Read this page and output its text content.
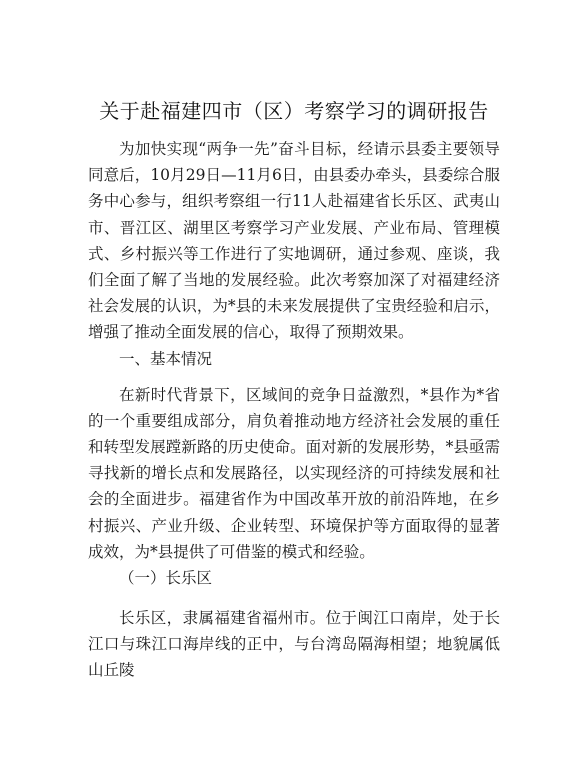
关于赴福建四市（区）考察学习的调研报告

为加快实现“两争一先”奋斗目标，经请示县委主要领导同意后，10月29日—11月6日，由县委办牵头，县委综合服务中心参与，组织考察组一行11人赴福建省长乐区、武夷山市、晋江区、湖里区考察学习产业发展、产业布局、管理模式、乡村振兴等工作进行了实地调研，通过参观、座谈，我们全面了解了当地的发展经验。此次考察加深了对福建经济社会发展的认识，为*县的未来发展提供了宝贵经验和启示，增强了推动全面发展的信心，取得了预期效果。

一、基本情况

在新时代背景下，区域间的竞争日益激烈，*县作为*省的一个重要组成部分，肩负着推动地方经济社会发展的重任和转型发展蹚新路的历史使命。面对新的发展形势，*县亟需寻找新的增长点和发展路径，以实现经济的可持续发展和社会的全面进步。福建省作为中国改革开放的前沿阵地，在乡村振兴、产业升级、企业转型、环境保护等方面取得的显著成效，为*县提供了可借鉴的模式和经验。

（一）长乐区

长乐区，隶属福建省福州市。位于闽江口南岸，处于长江口与珠江口海岸线的正中，与台湾岛隔海相望；地貌属低山丘陵
